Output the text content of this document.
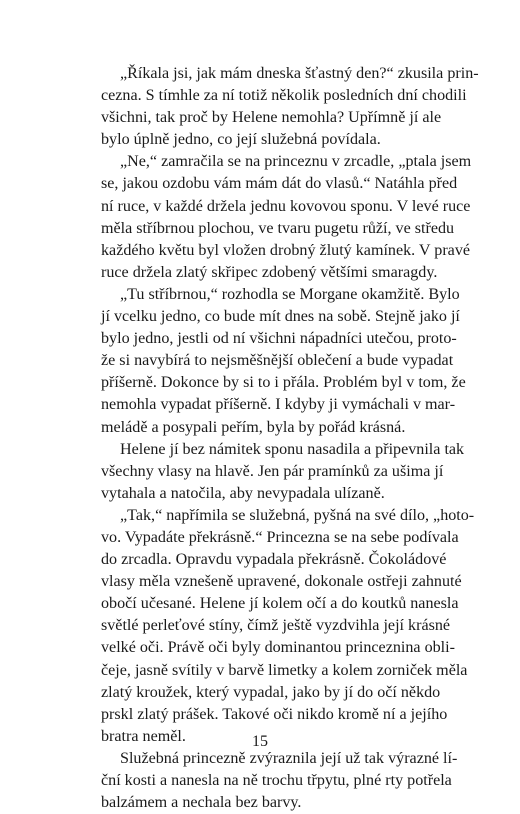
„Říkala jsi, jak mám dneska šťastný den?“ zkusila prin-
cezna. S tímhle za ní totiž několik posledních dní chodili
všichni, tak proč by Helene nemohla? Upřímně jí ale
bylo úplně jedno, co její služebná povídala.
„Ne,“ zamračila se na princeznu v zrcadle, „ptala jsem
se, jakou ozdobu vám mám dát do vlasů.“ Natáhla před
ní ruce, v každé držela jednu kovovou sponu. V levé ruce
měla stříbrnou plochou, ve tvaru pugetu růží, ve středu
každého květu byl vložen drobný žlutý kamínek. V pravé
ruce držela zlatý skřipec zdobený většími smaragdy.
„Tu stříbrnou,“ rozhodla se Morgane okamžitě. Bylo
jí vcelku jedno, co bude mít dnes na sobě. Stejně jako jí
bylo jedno, jestli od ní všichni nápadníci utečou, proto-
že si navybírá to nejsměšnější oblečení a bude vypadat
příšerně. Dokonce by si to i přála. Problém byl v tom, že
nemohla vypadat příšerně. I kdyby ji vymáchali v mar-
meládě a posypali peřím, byla by pořád krásná.
Helene jí bez námitek sponu nasadila a připevnila tak
všechny vlasy na hlavě. Jen pár pramínků za ušima jí
vytahala a natočila, aby nevypadala ulízaně.
„Tak,“ napřímila se služebná, pyšná na své dílo, „hoto-
vo. Vypadáte překrásně.“ Princezna se na sebe podívala
do zrcadla. Opravdu vypadala překrásně. Čokoládové
vlasy měla vznešeně upravené, dokonale ostřeji zahnuté
obočí učesané. Helene jí kolem očí a do koutků nanesla
světlé perleťové stíny, čímž ještě vyzdvihla její krásné
velké oči. Právě oči byly dominantou princeznina obli-
čeje, jasně svítily v barvě limetky a kolem zorniček měla
zlatý kroužek, který vypadal, jako by jí do očí někdo
prskl zlatý prášek. Takové oči nikdo kromě ní a jejího
bratra neměl.
Služebná princezně zvýraznila její už tak výrazné lí-
ční kosti a nanesla na ně trochu třpytu, plné rty potřela
balzámem a nechala bez barvy.
15
